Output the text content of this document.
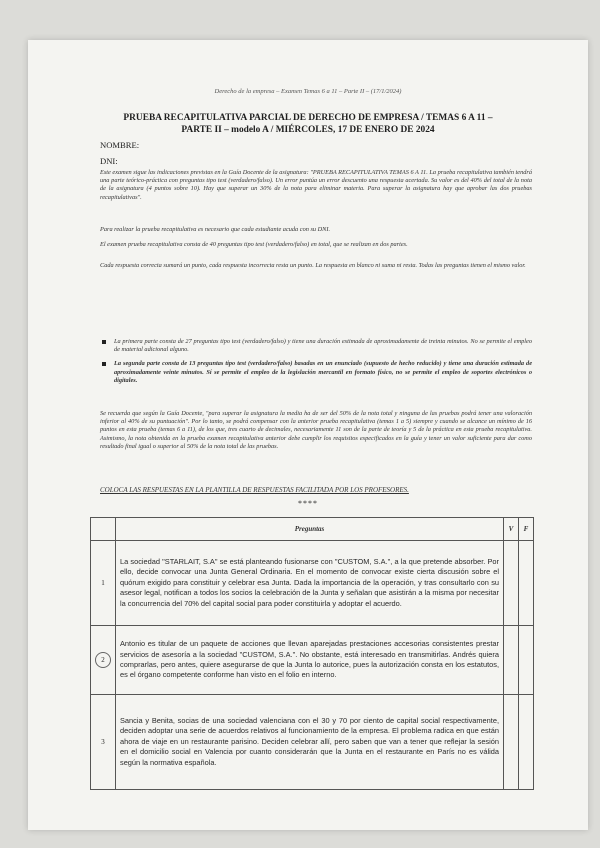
Derecho de la empresa – Examen Temas 6 a 11 – Parte II – (17/1/2024)
PRUEBA RECAPITULATIVA PARCIAL DE DERECHO DE EMPRESA / TEMAS 6 A 11 –
PARTE II – modelo A / MIÉRCOLES, 17 DE ENERO DE 2024
NOMBRE:
DNI:
Este examen sigue las indicaciones previstas en la Guía Docente de la asignatura: "PRUEBA RECAPITULATIVA TEMAS 6 A 11. La prueba recapitulativa también tendrá una parte teórico-práctica con preguntas tipo test (verdadero/falso). Un error puntúa un error descuento una respuesta acertada. Su valor es del 40% del total de la nota de la asignatura (4 puntos sobre 10). Hay que superar un 30% de la nota para eliminar materia. Para superar la asignatura hay que aprobar las dos pruebas recapitulativas".
Para realizar la prueba recapitulativa es necesario que cada estudiante acuda con su DNI.
El examen prueba recapitulativa consta de 40 preguntas tipo test (verdadero/falso) en total, que se realizan en dos partes.
Cada respuesta correcta sumará un punto, cada respuesta incorrecta resta un punto. La respuesta en blanco ni suma ni resta. Todas las preguntas tienen el mismo valor.
La primera parte consta de 27 preguntas tipo test (verdadero/falso) y tiene una duración estimada de aproximadamente de treinta minutos. No se permite el empleo de material adicional alguno.
La segunda parte consta de 13 preguntas tipo test (verdadero/falso) basadas en un enunciado (supuesto de hecho reducido) y tiene una duración estimada de aproximadamente veinte minutos. Sí se permite el empleo de la legislación mercantil en formato físico, no se permite el empleo de soportes electrónicos o digitales.
Se recuerda que según la Guía Docente, "para superar la asignatura la media ha de ser del 50% de la nota total y ninguna de las pruebas podrá tener una valoración inferior al 40% de su puntuación". Por lo tanto, se podrá compensar con la anterior prueba recapitulativa (temas 1 a 5) siempre y cuando se alcance un mínimo de 16 puntos en esta prueba (temas 6 a 11), de los que, tres cuarto de decimales, necesariamente 11 son de la parte de teoría y 5 de la práctica en esta prueba recapitulativa. Asimismo, la nota obtenida en la prueba examen recapitulativa anterior debe cumplir los requisitos especificados en la guía y tener un valor suficiente para dar como resultado final igual o superior al 50% de la nota total de las pruebas.
COLOCA LAS RESPUESTAS EN LA PLANTILLA DE RESPUESTAS FACILITADA POR LOS PROFESORES.
****
	Preguntas	V	F
1	La sociedad "STARLAIT, S.A" se está planteando fusionarse con "CUSTOM, S.A.", a la que pretende absorber. Por ello, decide convocar una Junta General Ordinaria. En el momento de convocar existe cierta discusión sobre el quórum exigido para constituir y celebrar esa Junta. Dada la importancia de la operación, y tras consultarlo con su asesor legal, notifican a todos los socios la celebración de la Junta y señalan que asistirán a la misma por necesitar la concurrencia del 70% del capital social para poder constituirla y adoptar el acuerdo.		
2	Antonio es titular de un paquete de acciones que llevan aparejadas prestaciones accesorias consistentes prestar servicios de asesoría a la sociedad "CUSTOM, S.A.". No obstante, está interesado en transmitirlas. Andrés quiera comprarlas, pero antes, quiere asegurarse de que la Junta lo autorice, pues la autorización consta en los estatutos, es el órgano competente conforme han visto en el folio en interno.		
3	Sancia y Benita, socias de una sociedad valenciana con el 30 y 70 por ciento de capital social respectivamente, deciden adoptar una serie de acuerdos relativos al funcionamiento de la empresa. El problema radica en que están ahora de viaje en un restaurante parisino. Deciden celebrar allí, pero saben que van a tener que reflejar la sesión en el domicilio social en Valencia por cuanto considerarán que la Junta en el restaurante en París no es válida según la normativa española.		
